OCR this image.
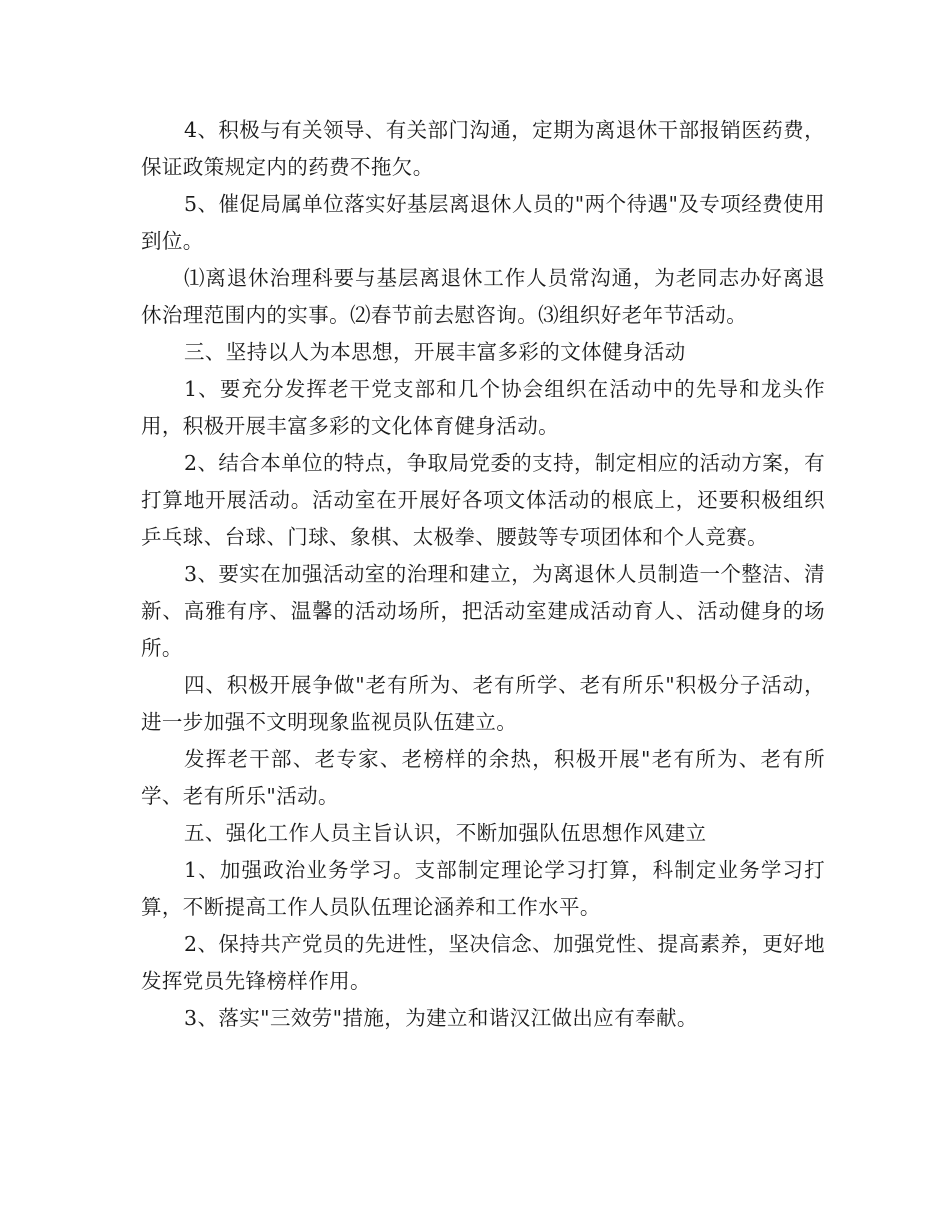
4、积极与有关领导、有关部门沟通，定期为离退休干部报销医药费，保证政策规定内的药费不拖欠。

5、催促局属单位落实好基层离退休人员的"两个待遇"及专项经费使用到位。

⑴离退休治理科要与基层离退休工作人员常沟通，为老同志办好离退休治理范围内的实事。⑵春节前去慰咨询。⑶组织好老年节活动。

三、坚持以人为本思想，开展丰富多彩的文体健身活动

1、要充分发挥老干党支部和几个协会组织在活动中的先导和龙头作用，积极开展丰富多彩的文化体育健身活动。

2、结合本单位的特点，争取局党委的支持，制定相应的活动方案，有打算地开展活动。活动室在开展好各项文体活动的根底上，还要积极组织乒乓球、台球、门球、象棋、太极拳、腰鼓等专项团体和个人竞赛。

3、要实在加强活动室的治理和建立，为离退休人员制造一个整洁、清新、高雅有序、温馨的活动场所，把活动室建成活动育人、活动健身的场所。

四、积极开展争做"老有所为、老有所学、老有所乐"积极分子活动，进一步加强不文明现象监视员队伍建立。

发挥老干部、老专家、老榜样的余热，积极开展"老有所为、老有所学、老有所乐"活动。

五、强化工作人员主旨认识，不断加强队伍思想作风建立

1、加强政治业务学习。支部制定理论学习打算，科制定业务学习打算，不断提高工作人员队伍理论涵养和工作水平。

2、保持共产党员的先进性，坚决信念、加强党性、提高素养，更好地发挥党员先锋榜样作用。

3、落实"三效劳"措施，为建立和谐汉江做出应有奉献。
